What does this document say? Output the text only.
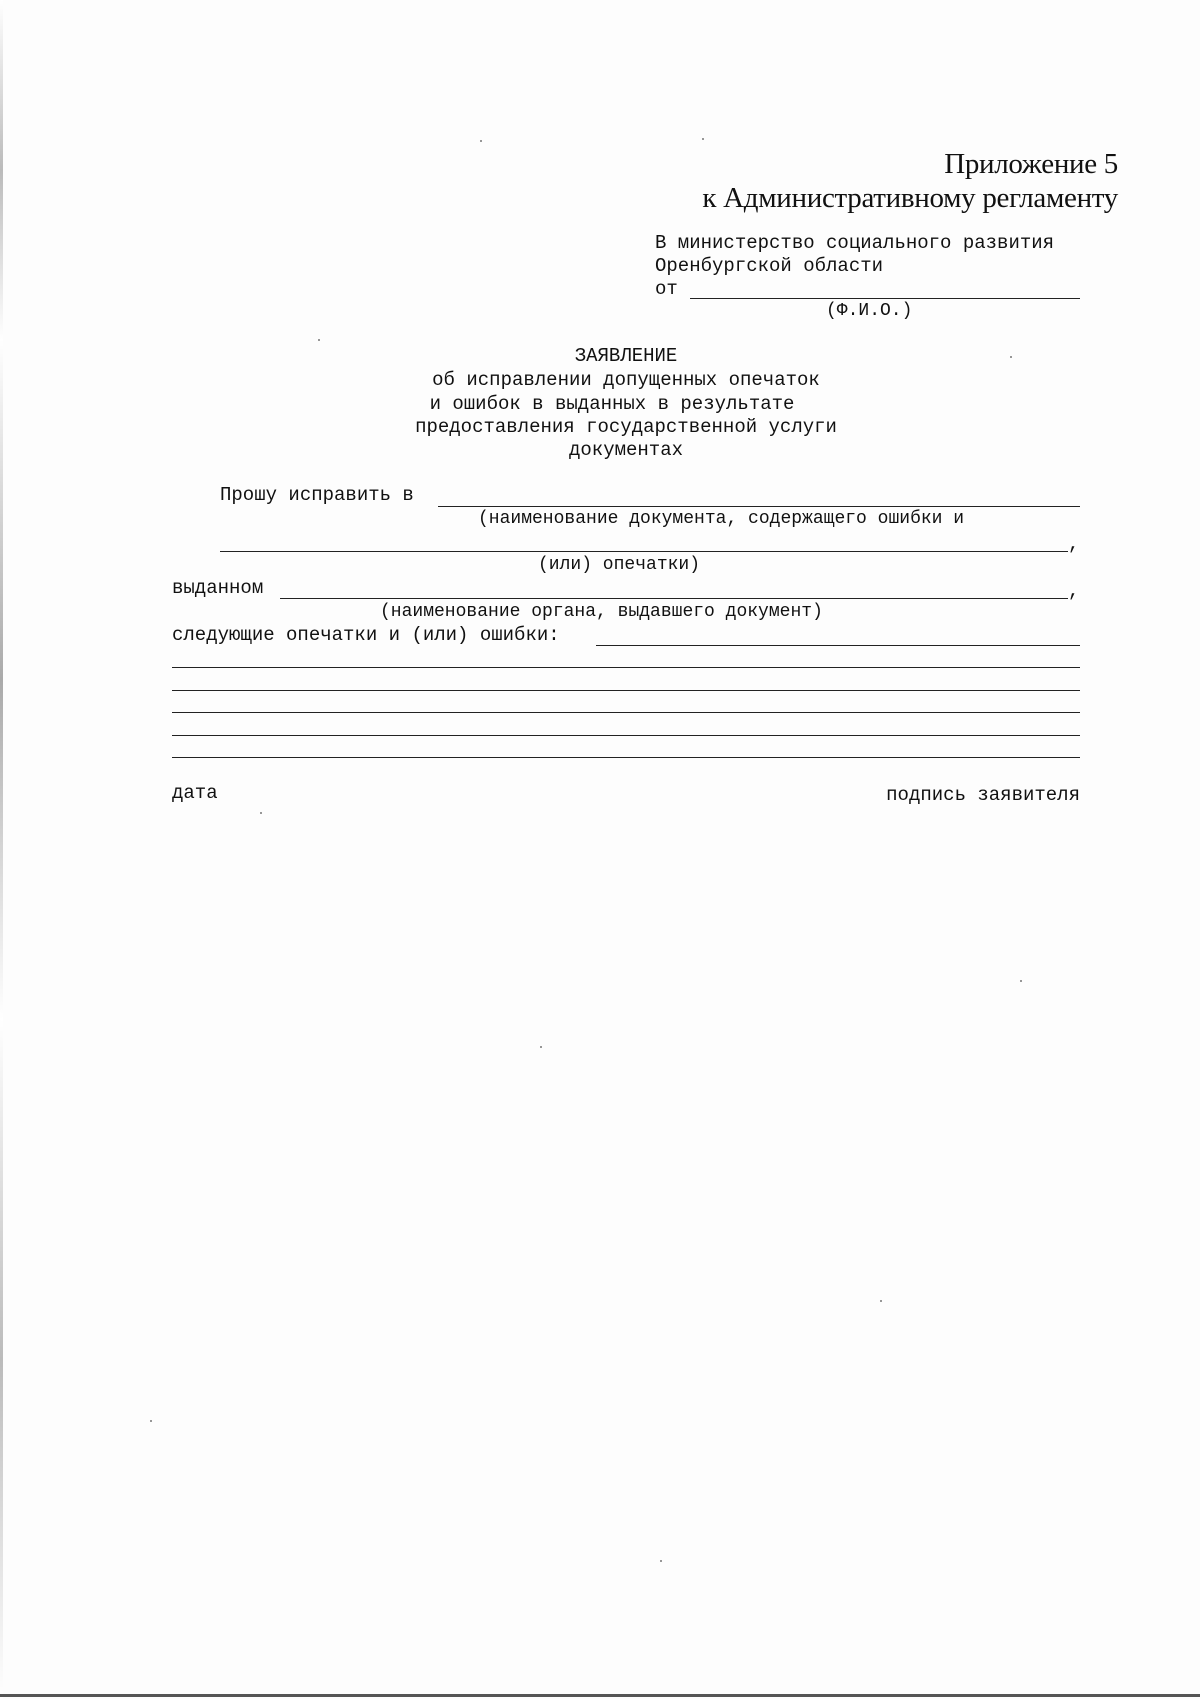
Приложение 5
к Административному регламенту
В министерство социального развития
Оренбургской области
от
(Ф.И.О.)
ЗАЯВЛЕНИЕ
об исправлении допущенных опечаток
и ошибок в выданных в результате
предоставления государственной услуги
документах
Прошу исправить в
(наименование документа, содержащего ошибки и
,
(или) опечатки)
выданном	,
(наименование органа, выдавшего документ)
следующие опечатки и (или) ошибки:
дата	подпись заявителя
